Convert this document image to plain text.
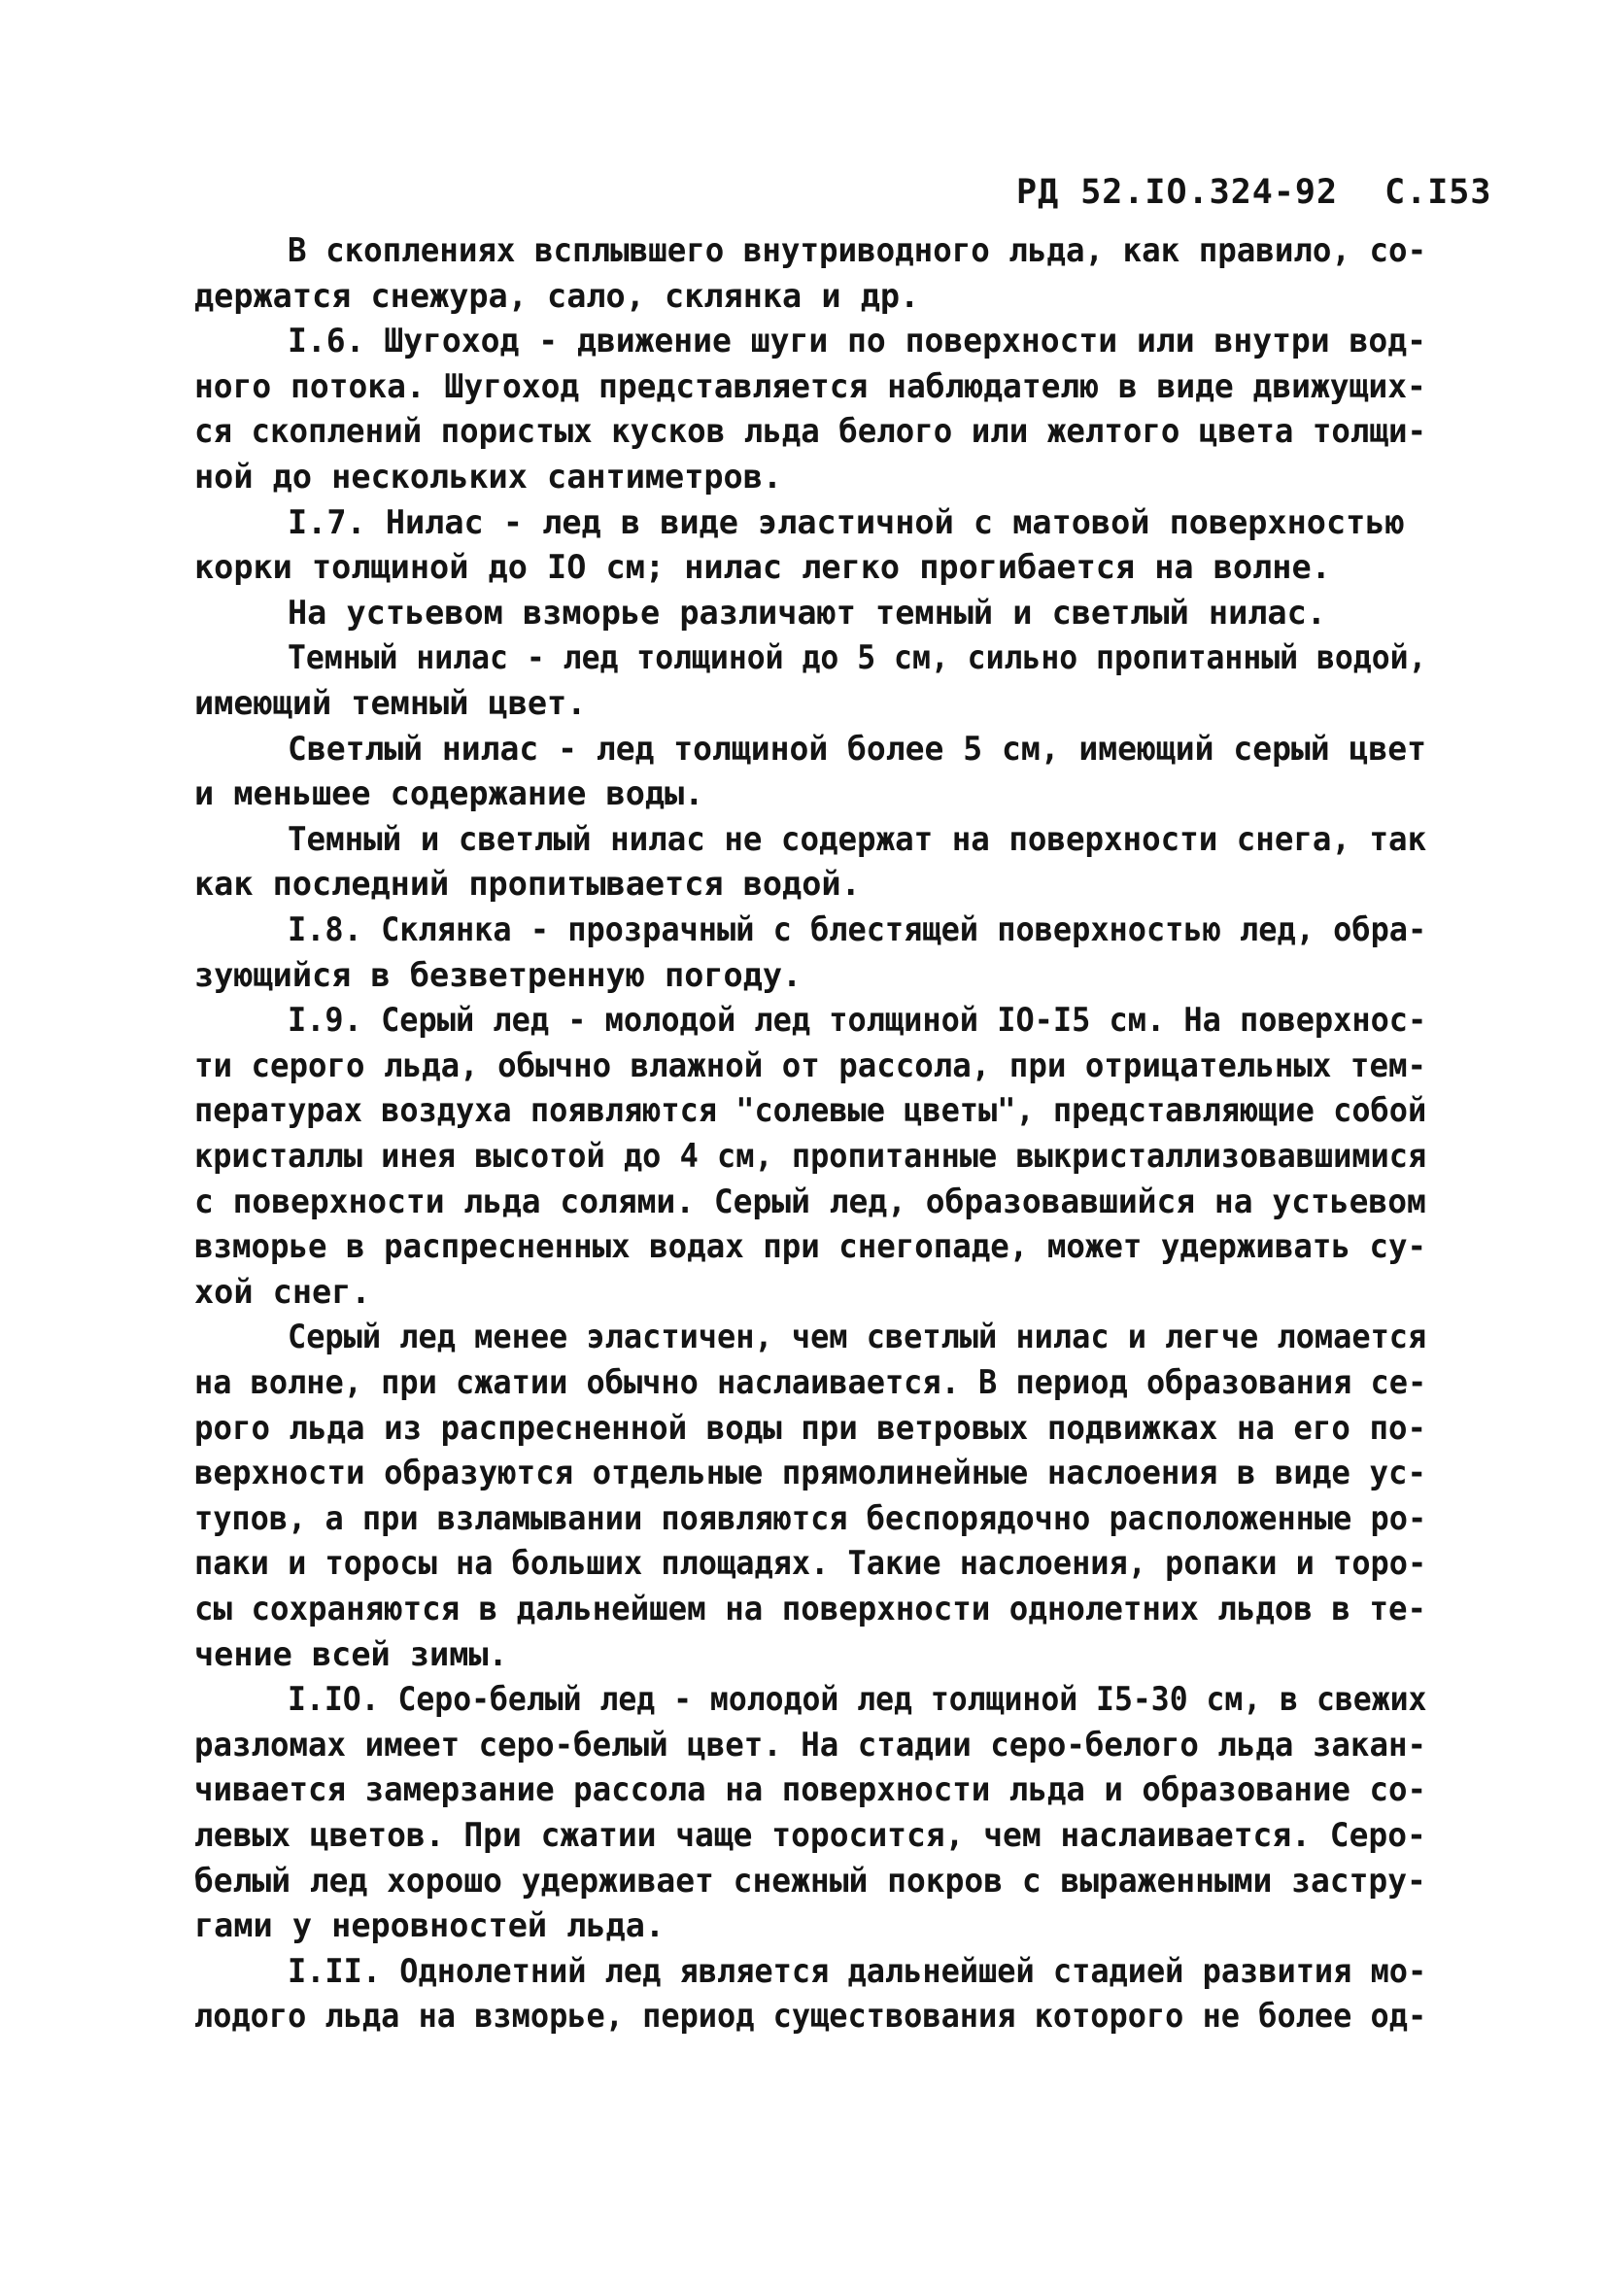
РД 52.IO.324-92 С.I53
В скоплениях всплывшего внутриводного льда, как правило, со-
держатся снежура, сало, склянка и др.
I.6. Шугоход - движение шуги по поверхности или внутри вод-
ного потока. Шугоход представляется наблюдателю в виде движущих-
ся скоплений пористых кусков льда белого или желтого цвета толщи-
ной до нескольких сантиметров.
I.7. Нилас - лед в виде эластичной с матовой поверхностью
корки толщиной до IO см; нилас легко прогибается на волне.
На устьевом взморье различают темный и светлый нилас.
Темный нилас - лед толщиной до 5 см, сильно пропитанный водой,
имеющий темный цвет.
Светлый нилас - лед толщиной более 5 см, имеющий серый цвет
и меньшее содержание воды.
Темный и светлый нилас не содержат на поверхности снега, так
как последний пропитывается водой.
I.8. Склянка - прозрачный с блестящей поверхностью лед, обра-
зующийся в безветренную погоду.
I.9. Серый лед - молодой лед толщиной IO-I5 см. На поверхнос-
ти серого льда, обычно влажной от рассола, при отрицательных тем-
пературах воздуха появляются "солевые цветы", представляющие собой
кристаллы инея высотой до 4 см, пропитанные выкристаллизовавшимися
с поверхности льда солями. Серый лед, образовавшийся на устьевом
взморье в распресненных водах при снегопаде, может удерживать су-
хой снег.
Серый лед менее эластичен, чем светлый нилас и легче ломается
на волне, при сжатии обычно наслаивается. В период образования се-
рого льда из распресненной воды при ветровых подвижках на его по-
верхности образуются отдельные прямолинейные наслоения в виде ус-
тупов, а при взламывании появляются беспорядочно расположенные ро-
паки и торосы на больших площадях. Такие наслоения, ропаки и торо-
сы сохраняются в дальнейшем на поверхности однолетних льдов в те-
чение всей зимы.
I.IO. Серо-белый лед - молодой лед толщиной I5-30 см, в свежих
разломах имеет серо-белый цвет. На стадии серо-белого льда закан-
чивается замерзание рассола на поверхности льда и образование со-
левых цветов. При сжатии чаще торосится, чем наслаивается. Серо-
белый лед хорошо удерживает снежный покров с выраженными застру-
гами у неровностей льда.
I.II. Однолетний лед является дальнейшей стадией развития мо-
лодого льда на взморье, период существования которого не более од-
